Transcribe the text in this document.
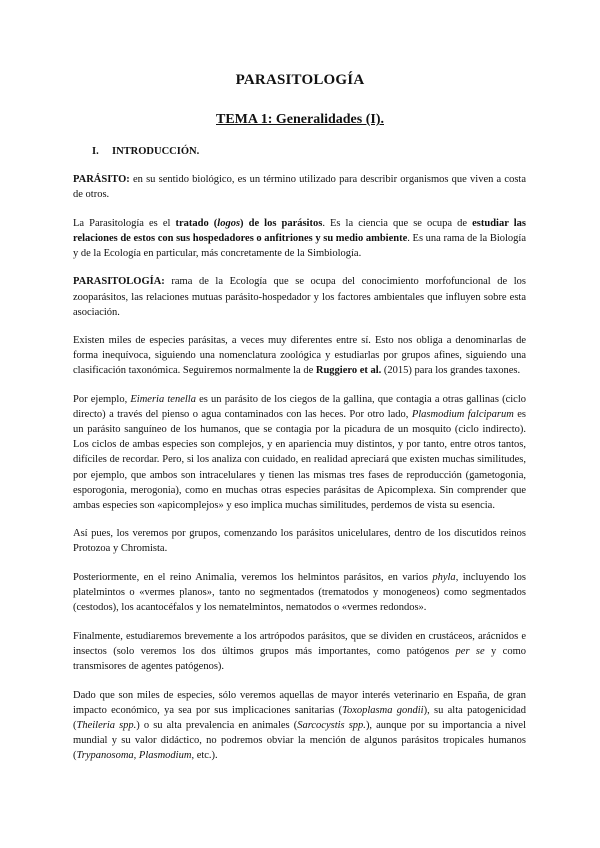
PARASITOLOGÍA
TEMA 1: Generalidades (I).
I. INTRODUCCIÓN.

PARÁSITO: en su sentido biológico, es un término utilizado para describir organismos que viven a costa de otros.

La Parasitología es el tratado (logos) de los parásitos. Es la ciencia que se ocupa de estudiar las relaciones de estos con sus hospedadores o anfitriones y su medio ambiente. Es una rama de la Biología y de la Ecología en particular, más concretamente de la Simbiología.

PARASITOLOGÍA: rama de la Ecología que se ocupa del conocimiento morfofuncional de los zooparásitos, las relaciones mutuas parásito-hospedador y los factores ambientales que influyen sobre esta asociación.

Existen miles de especies parásitas, a veces muy diferentes entre sí. Esto nos obliga a denominarlas de forma inequívoca, siguiendo una nomenclatura zoológica y estudiarlas por grupos afines, siguiendo una clasificación taxonómica. Seguiremos normalmente la de Ruggiero et al. (2015) para los grandes taxones.

Por ejemplo, Eimeria tenella es un parásito de los ciegos de la gallina, que contagia a otras gallinas (ciclo directo) a través del pienso o agua contaminados con las heces. Por otro lado, Plasmodium falciparum es un parásito sanguíneo de los humanos, que se contagia por la picadura de un mosquito (ciclo indirecto). Los ciclos de ambas especies son complejos, y en apariencia muy distintos, y por tanto, entre otros tantos, difíciles de recordar. Pero, si los analiza con cuidado, en realidad apreciará que existen muchas similitudes, por ejemplo, que ambos son intracelulares y tienen las mismas tres fases de reproducción (gametogonia, esporogonia, merogonia), como en muchas otras especies parásitas de Apicomplexa. Sin comprender que ambas especies son «apicomplejos» y eso implica muchas similitudes, perdemos de vista su esencia.

Así pues, los veremos por grupos, comenzando los parásitos unicelulares, dentro de los discutidos reinos Protozoa y Chromista.

Posteriormente, en el reino Animalia, veremos los helmintos parásitos, en varios phyla, incluyendo los platelmintos o «vermes planos», tanto no segmentados (trematodos y monogeneos) como segmentados (cestodos), los acantocéfalos y los nematelmintos, nematodos o «vermes redondos».

Finalmente, estudiaremos brevemente a los artrópodos parásitos, que se dividen en crustáceos, arácnidos e insectos (solo veremos los dos últimos grupos más importantes, como patógenos per se y como transmisores de agentes patógenos).

Dado que son miles de especies, sólo veremos aquellas de mayor interés veterinario en España, de gran impacto económico, ya sea por sus implicaciones sanitarias (Toxoplasma gondii), su alta patogenicidad (Theileria spp.) o su alta prevalencia en animales (Sarcocystis spp.), aunque por su importancia a nivel mundial y su valor didáctico, no podremos obviar la mención de algunos parásitos tropicales humanos (Trypanosoma, Plasmodium, etc.).
